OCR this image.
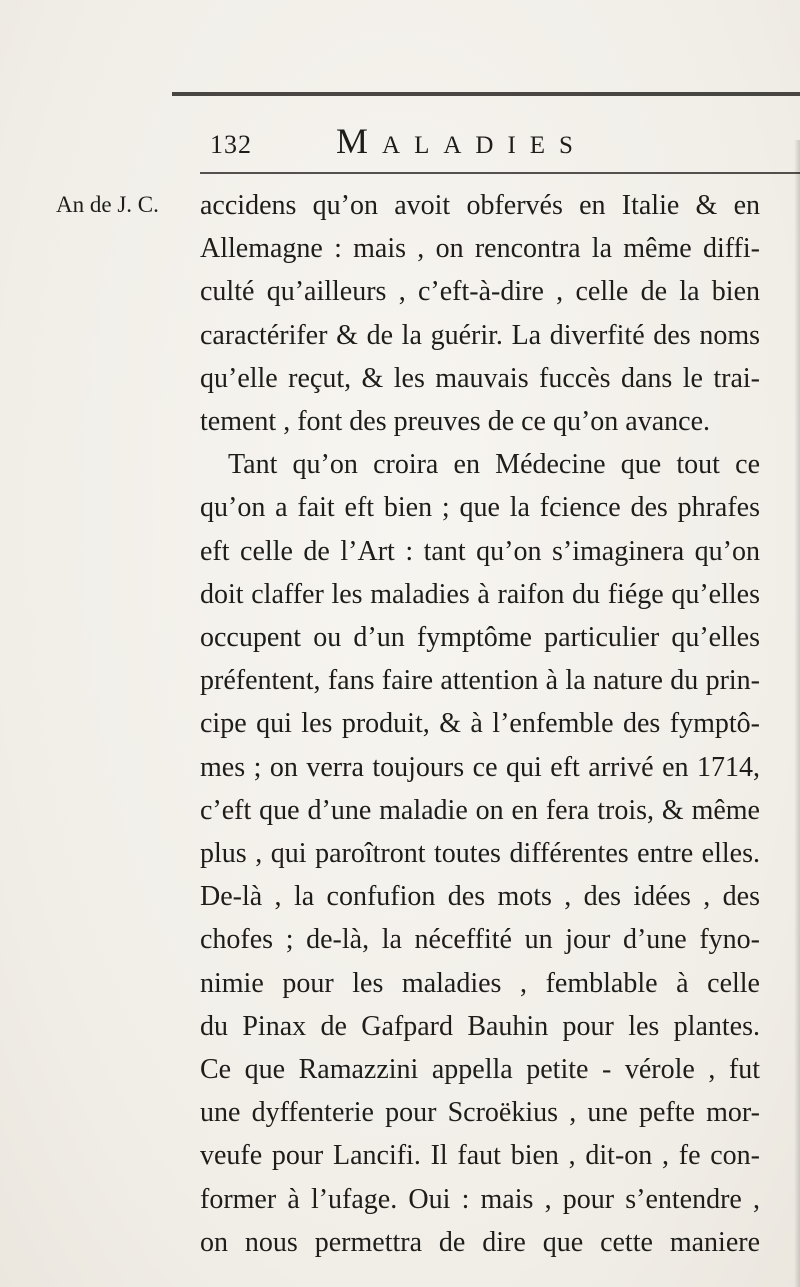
132 Maladies
An de J. C. accidens qu’on avoit obfervés en Italie & en
Allemagne : mais , on rencontra la même diffi-
culté qu’ailleurs , c’eft-à-dire , celle de la bien
caractérifer & de la guérir. La diverfité des noms
qu’elle reçut, & les mauvais fuccès dans le trai-
tement , font des preuves de ce qu’on avance.
Tant qu’on croira en Médecine que tout ce
qu’on a fait eft bien ; que la fcience des phrafes
eft celle de l’Art : tant qu’on s’imaginera qu’on
doit claffer les maladies à raifon du fiége qu’elles
occupent ou d’un fymptôme particulier qu’elles
préfentent, fans faire attention à la nature du prin-
cipe qui les produit, & à l’enfemble des fymptô-
mes ; on verra toujours ce qui eft arrivé en 1714,
c’eft que d’une maladie on en fera trois, & même
plus , qui paroîtront toutes différentes entre elles.
De-là , la confufion des mots , des idées , des
chofes ; de-là, la néceffité un jour d’une fyno-
nimie pour les maladies , femblable à celle
du Pinax de Gafpard Bauhin pour les plantes.
Ce que Ramazzini appella petite - vérole , fut
une dyffenterie pour Scroëkius , une pefte mor-
veufe pour Lancifi. Il faut bien , dit-on , fe con-
former à l’ufage. Oui : mais , pour s’entendre ,
on nous permettra de dire que cette maniere
